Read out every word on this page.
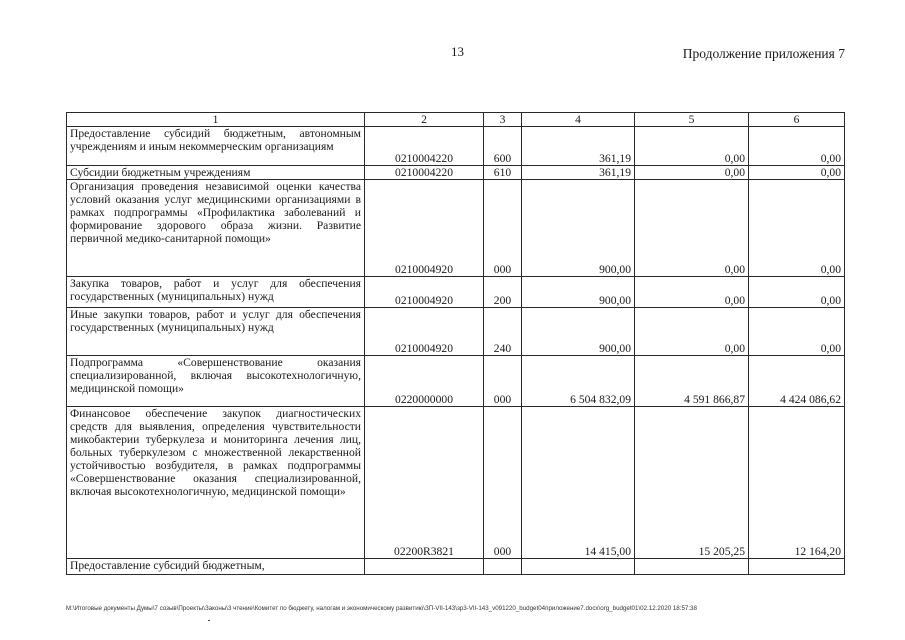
13	Продолжение приложения 7
1	2	3	4	5	6
Предоставление субсидий бюджетным, автономным учреждениям и иным некоммерческим организациям	0210004220	600	361,19	0,00	0,00
Субсидии бюджетным учреждениям	0210004220	610	361,19	0,00	0,00
Организация проведения независимой оценки качества условий оказания услуг медицинскими организациями в рамках подпрограммы «Профилактика заболеваний и формирование здорового образа жизни. Развитие первичной медико-санитарной помощи»	0210004920	000	900,00	0,00	0,00
Закупка товаров, работ и услуг для обеспечения государственных (муниципальных) нужд	0210004920	200	900,00	0,00	0,00
Иные закупки товаров, работ и услуг для обеспечения государственных (муниципальных) нужд	0210004920	240	900,00	0,00	0,00
Подпрограмма «Совершенствование оказания специализированной, включая высокотехнологичную, медицинской помощи»	0220000000	000	6 504 832,09	4 591 866,87	4 424 086,62
Финансовое обеспечение закупок диагностических средств для выявления, определения чувствительности микобактерии туберкулеза и мониторинга лечения лиц, больных туберкулезом с множественной лекарственной устойчивостью возбудителя, в рамках подпрограммы «Совершенствование оказания специализированной, включая высокотехнологичную, медицинской помощи»	02200R3821	000	14 415,00	15 205,25	12 164,20
Предоставление субсидий бюджетным,					
M:\Итоговые документы Думы\7 созыв\Проекты\Законы\3 чтение\Комитет по бюджету, налогам и экономическому развитию\ЗП-VII-143\зр3-VII-143_v091220_budget04приложение7.docx\org_budget01\02.12.2020 18:57:38
